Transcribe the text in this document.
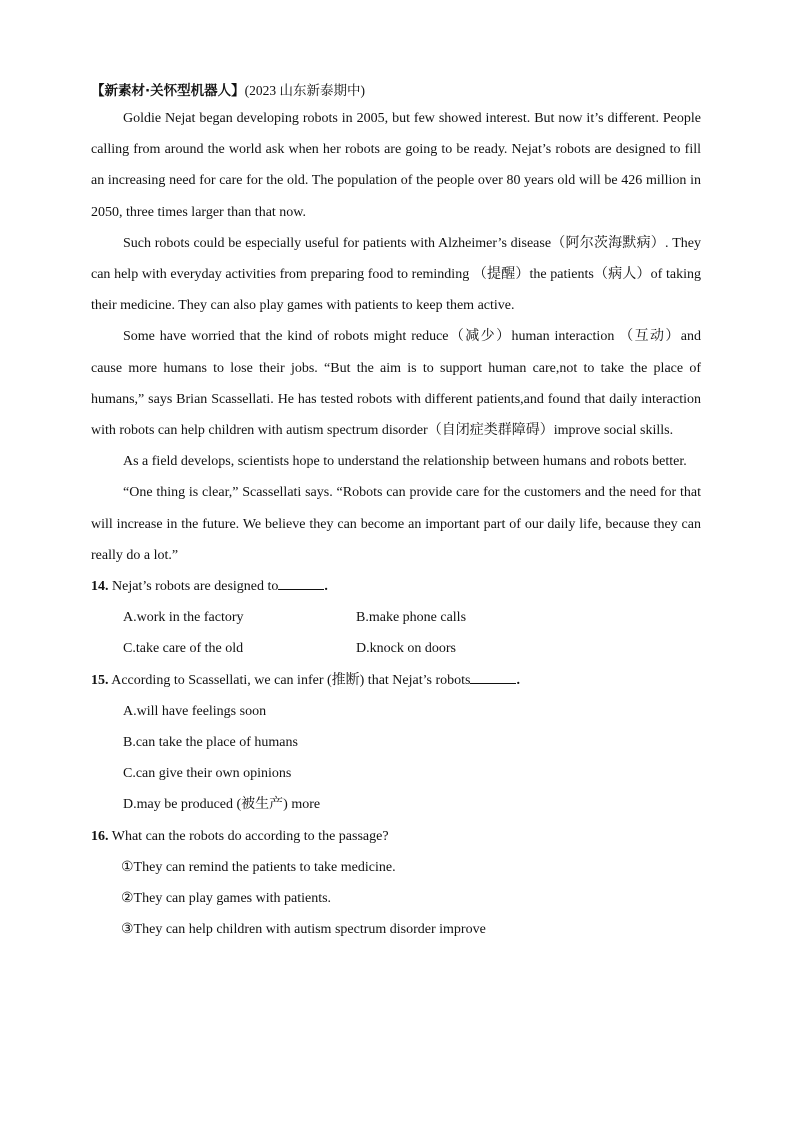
【新素材·关怀型机器人】(2023 山东新泰期中)

Goldie Nejat began developing robots in 2005, but few showed interest. But now it’s different. People calling from around the world ask when her robots are going to be ready. Nejat’s robots are designed to fill an increasing need for care for the old. The population of the people over 80 years old will be 426 million in 2050, three times larger than that now.

Such robots could be especially useful for patients with Alzheimer’s disease（阿尔茨海默病）. They can help with everyday activities from preparing food to reminding （提醒）the patients（病人）of taking their medicine. They can also play games with patients to keep them active.

Some have worried that the kind of robots might reduce（减少）human interaction （互动）and cause more humans to lose their jobs. “But the aim is to support human care,not to take the place of humans,” says Brian Scassellati. He has tested robots with different patients,and found that daily interaction with robots can help children with autism spectrum disorder（自闭症类群障碍）improve social skills.

As a field develops, scientists hope to understand the relationship between humans and robots better.

“One thing is clear,” Scassellati says. “Robots can provide care for the customers and the need for that will increase in the future. We believe they can become an important part of our daily life, because they can really do a lot.”

14. Nejat’s robots are designed to	.
A.work in the factory	B.make phone calls
C.take care of the old	D.knock on doors
15. According to Scassellati, we can infer (推断) that Nejat’s robots	.
A.will have feelings soon
B.can take the place of humans
C.can give their own opinions
D.may be produced (被生产) more
16. What can the robots do according to the passage?
①They can remind the patients to take medicine.
②They can play games with patients.
③They can help children with autism spectrum disorder improve
